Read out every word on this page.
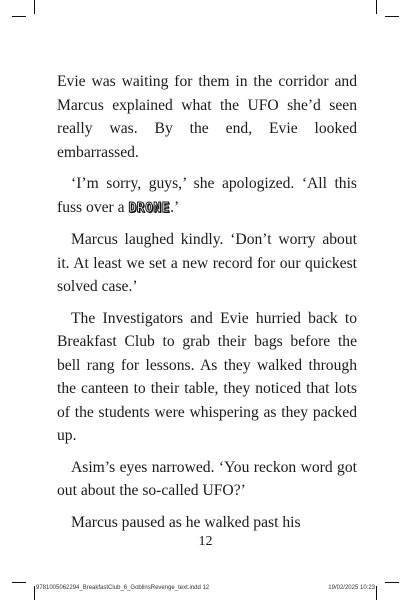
Evie was waiting for them in the corridor and Marcus explained what the UFO she’d seen really was. By the end, Evie looked embarrassed.

‘I’m sorry, guys,’ she apologized. ‘All this fuss over a DRONE.’

Marcus laughed kindly. ‘Don’t worry about it. At least we set a new record for our quickest solved case.’

The Investigators and Evie hurried back to Breakfast Club to grab their bags before the bell rang for lessons. As they walked through the canteen to their table, they noticed that lots of the students were whispering as they packed up.

Asim’s eyes narrowed. ‘You reckon word got out about the so-called UFO?’

Marcus paused as he walked past his

12
9781005062294_BreakfastClub_6_GoblinsRevenge_text.indd 12	19/02/2025 10:23
